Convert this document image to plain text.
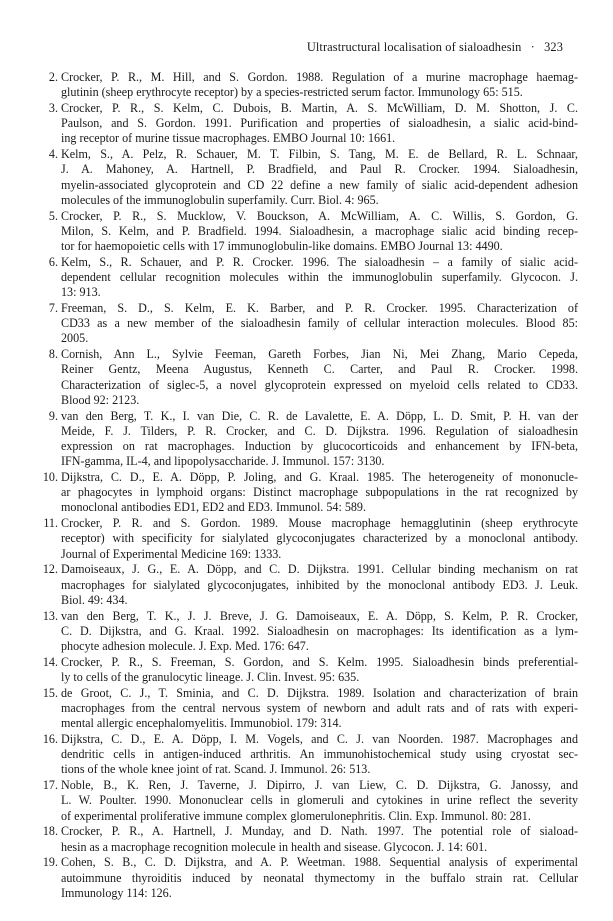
Ultrastructural localisation of sialoadhesin · 323
2. Crocker, P. R., M. Hill, and S. Gordon. 1988. Regulation of a murine macrophage haemag-
glutinin (sheep erythrocyte receptor) by a species-restricted serum factor. Immunology 65: 515.
3. Crocker, P. R., S. Kelm, C. Dubois, B. Martin, A. S. McWilliam, D. M. Shotton, J. C.
Paulson, and S. Gordon. 1991. Purification and properties of sialoadhesin, a sialic acid-bind-
ing receptor of murine tissue macrophages. EMBO Journal 10: 1661.
4. Kelm, S., A. Pelz, R. Schauer, M. T. Filbin, S. Tang, M. E. de Bellard, R. L. Schnaar,
J. A. Mahoney, A. Hartnell, P. Bradfield, and Paul R. Crocker. 1994. Sialoadhesin,
myelin-associated glycoprotein and CD 22 define a new family of sialic acid-dependent adhesion
molecules of the immunoglobulin superfamily. Curr. Biol. 4: 965.
5. Crocker, P. R., S. Mucklow, V. Bouckson, A. McWilliam, A. C. Willis, S. Gordon, G.
Milon, S. Kelm, and P. Bradfield. 1994. Sialoadhesin, a macrophage sialic acid binding recep-
tor for haemopoietic cells with 17 immunoglobulin-like domains. EMBO Journal 13: 4490.
6. Kelm, S., R. Schauer, and P. R. Crocker. 1996. The sialoadhesin – a family of sialic acid-
dependent cellular recognition molecules within the immunoglobulin superfamily. Glycocon. J.
13: 913.
7. Freeman, S. D., S. Kelm, E. K. Barber, and P. R. Crocker. 1995. Characterization of
CD33 as a new member of the sialoadhesin family of cellular interaction molecules. Blood 85:
2005.
8. Cornish, Ann L., Sylvie Feeman, Gareth Forbes, Jian Ni, Mei Zhang, Mario Cepeda,
Reiner Gentz, Meena Augustus, Kenneth C. Carter, and Paul R. Crocker. 1998.
Characterization of siglec-5, a novel glycoprotein expressed on myeloid cells related to CD33.
Blood 92: 2123.
9. van den Berg, T. K., I. van Die, C. R. de Lavalette, E. A. Döpp, L. D. Smit, P. H. van der
Meide, F. J. Tilders, P. R. Crocker, and C. D. Dijkstra. 1996. Regulation of sialoadhesin
expression on rat macrophages. Induction by glucocorticoids and enhancement by IFN-beta,
IFN-gamma, IL-4, and lipopolysaccharide. J. Immunol. 157: 3130.
10. Dijkstra, C. D., E. A. Döpp, P. Joling, and G. Kraal. 1985. The heterogeneity of mononucle-
ar phagocytes in lymphoid organs: Distinct macrophage subpopulations in the rat recognized by
monoclonal antibodies ED1, ED2 and ED3. Immunol. 54: 589.
11. Crocker, P. R. and S. Gordon. 1989. Mouse macrophage hemagglutinin (sheep erythrocyte
receptor) with specificity for sialylated glycoconjugates characterized by a monoclonal antibody.
Journal of Experimental Medicine 169: 1333.
12. Damoiseaux, J. G., E. A. Döpp, and C. D. Dijkstra. 1991. Cellular binding mechanism on rat
macrophages for sialylated glycoconjugates, inhibited by the monoclonal antibody ED3. J. Leuk.
Biol. 49: 434.
13. van den Berg, T. K., J. J. Breve, J. G. Damoiseaux, E. A. Döpp, S. Kelm, P. R. Crocker,
C. D. Dijkstra, and G. Kraal. 1992. Sialoadhesin on macrophages: Its identification as a lym-
phocyte adhesion molecule. J. Exp. Med. 176: 647.
14. Crocker, P. R., S. Freeman, S. Gordon, and S. Kelm. 1995. Sialoadhesin binds preferential-
ly to cells of the granulocytic lineage. J. Clin. Invest. 95: 635.
15. de Groot, C. J., T. Sminia, and C. D. Dijkstra. 1989. Isolation and characterization of brain
macrophages from the central nervous system of newborn and adult rats and of rats with experi-
mental allergic encephalomyelitis. Immunobiol. 179: 314.
16. Dijkstra, C. D., E. A. Döpp, I. M. Vogels, and C. J. van Noorden. 1987. Macrophages and
dendritic cells in antigen-induced arthritis. An immunohistochemical study using cryostat sec-
tions of the whole knee joint of rat. Scand. J. Immunol. 26: 513.
17. Noble, B., K. Ren, J. Taverne, J. Dipirro, J. van Liew, C. D. Dijkstra, G. Janossy, and
L. W. Poulter. 1990. Mononuclear cells in glomeruli and cytokines in urine reflect the severity
of experimental proliferative immune complex glomerulonephritis. Clin. Exp. Immunol. 80: 281.
18. Crocker, P. R., A. Hartnell, J. Munday, and D. Nath. 1997. The potential role of siaload-
hesin as a macrophage recognition molecule in health and sisease. Glycocon. J. 14: 601.
19. Cohen, S. B., C. D. Dijkstra, and A. P. Weetman. 1988. Sequential analysis of experimental
autoimmune thyroiditis induced by neonatal thymectomy in the buffalo strain rat. Cellular
Immunology 114: 126.
